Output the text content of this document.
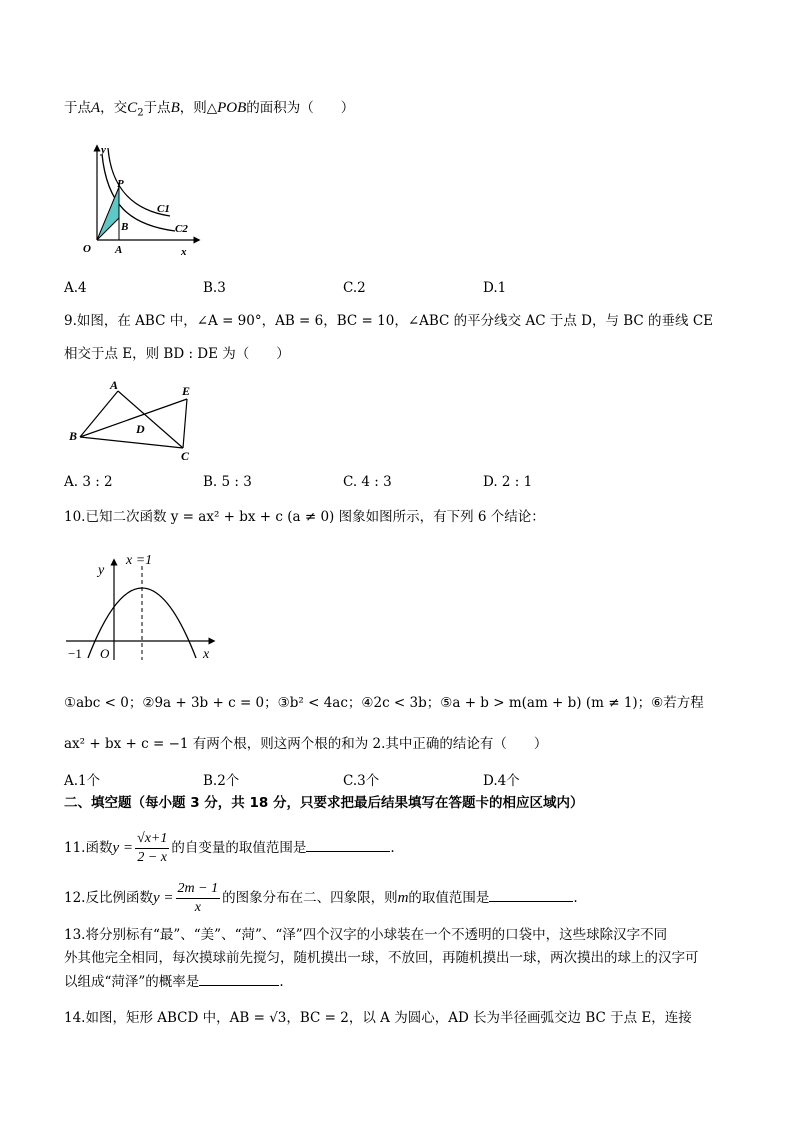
于点A，交$C_2$于点B，则△POB的面积为（　　）
y
P
C1
B	C2
O A	x
A.4	B.3	C.2	D.1
9.如图，在 ABC 中，∠A = 90°，AB = 6，BC = 10，∠ABC 的平分线交 AC 于点 D，与 BC 的垂线 CE
相交于点 E，则 BD : DE 为（　　）
A	E
D
B
C
A. 3 : 2	B. 5 : 3	C. 4 : 3	D. 2 : 1
10.已知二次函数 y = ax² + bx + c (a ≠ 0) 图象如图所示，有下列 6 个结论：
x =1
y
−1 O	x
①abc < 0；②9a + 3b + c = 0；③b² < 4ac；④2c < 3b；⑤a + b > m(am + b) (m ≠ 1)；⑥若方程
ax² + bx + c = −1 有两个根，则这两个根的和为 2.其中正确的结论有（　　）
A.1个	B.2个	C.3个	D.4个
二、填空题（每小题 3 分，共 18 分，只要求把最后结果填写在答题卡的相应区域内）
11.函数$y = \frac{√x+1}{2 - x}$ 的自变量的取值范围是	.
12.反比例函数$y = \frac{2m - 1}{x}$ 的图象分布在二、四象限，则m的取值范围是	.
13.将分别标有“最”、“美”、“菏”、“泽”四个汉字的小球装在一个不透明的口袋中，这些球除汉字不同
外其他完全相同，每次摸球前先搅匀，随机摸出一球，不放回，再随机摸出一球，两次摸出的球上的汉字可
以组成“菏泽”的概率是	.
14.如图，矩形 ABCD 中，AB = √3，BC = 2，以 A 为圆心，AD 长为半径画弧交边 BC 于点 E，连接
